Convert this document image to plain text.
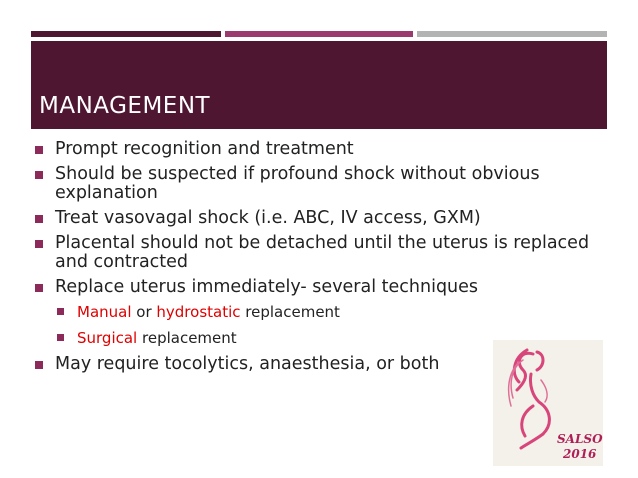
MANAGEMENT
Prompt recognition and treatment
Should be suspected if profound shock without obvious explanation
Treat vasovagal shock (i.e. ABC, IV access, GXM)
Placental should not be detached until the uterus is replaced and contracted
Replace uterus immediately- several techniques
Manual or hydrostatic replacement
Surgical replacement
May require tocolytics, anaesthesia, or both
SALSO
2016
